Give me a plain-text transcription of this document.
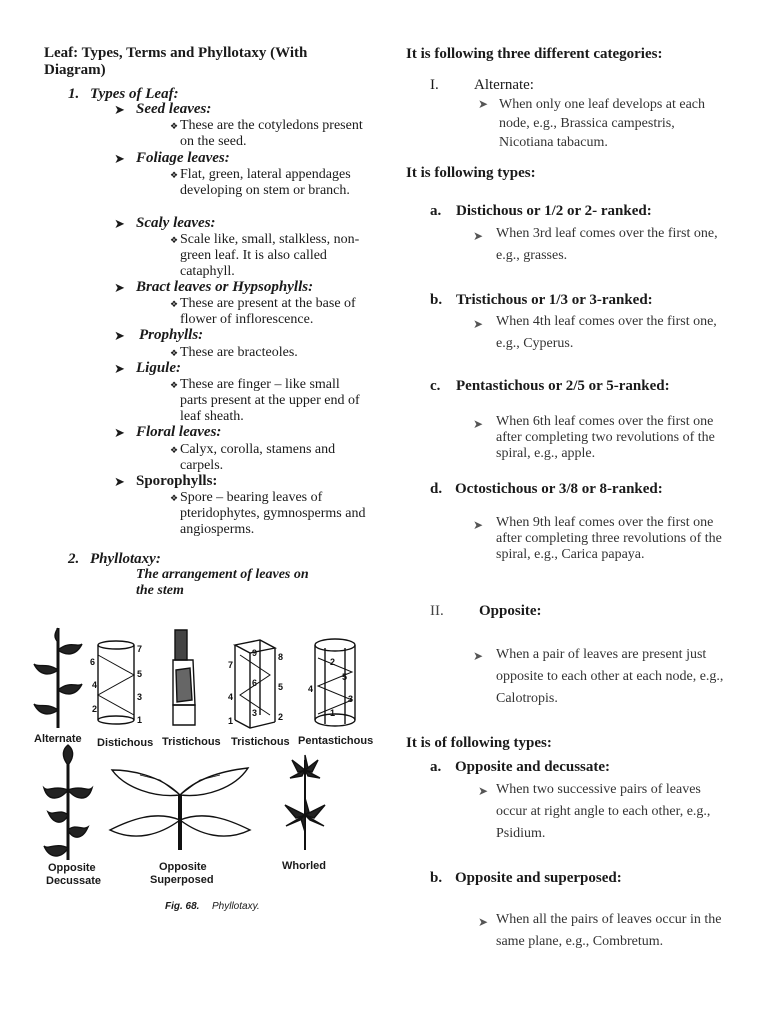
Leaf: Types, Terms and Phyllotaxy (With
Diagram)
1. Types of Leaf:
➤ Seed leaves:
❖ These are the cotyledons present on the seed.
➤ Foliage leaves:
❖ Flat, green, lateral appendages developing on stem or branch.
➤ Scaly leaves:
❖ Scale like, small, stalkless, non- green leaf. It is also called cataphyll.
➤ Bract leaves or Hypsophylls:
❖ These are present at the base of flower of inflorescence.
➤ Prophylls:
❖ These are bracteoles.
➤ Ligule:
❖ These are finger – like small parts present at the upper end of leaf sheath.
➤ Floral leaves:
❖ Calyx, corolla, stamens and carpels.
➤ Sporophylls:
❖ Spore – bearing leaves of pteridophytes, gymnosperms and angiosperms.
2. Phyllotaxy:
The arrangement of leaves on
the stem
6
4
2
7
5
3
1
7
9 8
6
4
5
3 2
1
4
5
2
3
1
Alternate Distichous Tristichous Tristichous Pentastichous
Opposite
Decussate
Opposite
Superposed
Whorled
Fig. 68. Phyllotaxy.
It is following three different categories:
I. Alternate:
➤ When only one leaf develops at each node, e.g., Brassica campestris, Nicotiana tabacum.
It is following types:
a. Distichous or 1/2 or 2- ranked:
➤ When 3rd leaf comes over the first one, e.g., grasses.
b. Tristichous or 1/3 or 3-ranked:
➤ When 4th leaf comes over the first one, e.g., Cyperus.
c. Pentastichous or 2/5 or 5-ranked:
➤ When 6th leaf comes over the first one after completing two revolutions of the spiral, e.g., apple.
d. Octostichous or 3/8 or 8-ranked:
➤ When 9th leaf comes over the first one after completing three revolutions of the spiral, e.g., Carica papaya.
II. Opposite:
➤ When a pair of leaves are present just opposite to each other at each node, e.g., Calotropis.
It is of following types:
a. Opposite and decussate:
➤ When two successive pairs of leaves occur at right angle to each other, e.g., Psidium.
b. Opposite and superposed:
➤ When all the pairs of leaves occur in the same plane, e.g., Combretum.
